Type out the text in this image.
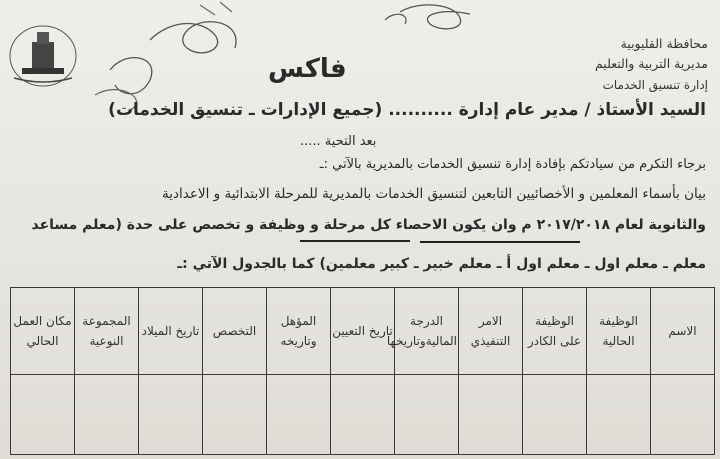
محافظة القليوبية
مديرية التربية والتعليم
إدارة تنسيق الخدمات
فاكس
السيد الأستاذ / مدير عام إدارة .......... (جميع الإدارات ـ تنسيق الخدمات)
بعد التحية .....
برجاء التكرم من سيادتكم بإفادة إدارة تنسيق الخدمات بالمديرية بالآتي :ـ
بيان بأسماء المعلمين و الأخصائيين التابعين لتنسيق الخدمات بالمديرية للمرحلة الابتدائية و الاعدادية
والثانوية لعام ٢٠١٧/٢٠١٨ م وان يكون الاحصاء كل مرحلة و وظيفة و تخصص على حدة (معلم مساعد
معلم ـ معلم اول ـ معلم اول أ ـ معلم خبير ـ كبير معلمين) كما بالجدول الآتي :ـ
الاسم	الوظيفة الحالية	الوظيفة على الكادر	الامر التنفيذي	الدرجة الماليةوتاريخها	تاريخ التعيين	المؤهل وتاريخه	التخصص	تاريخ الميلاد	المجموعة النوعية	مكان العمل الحالي
